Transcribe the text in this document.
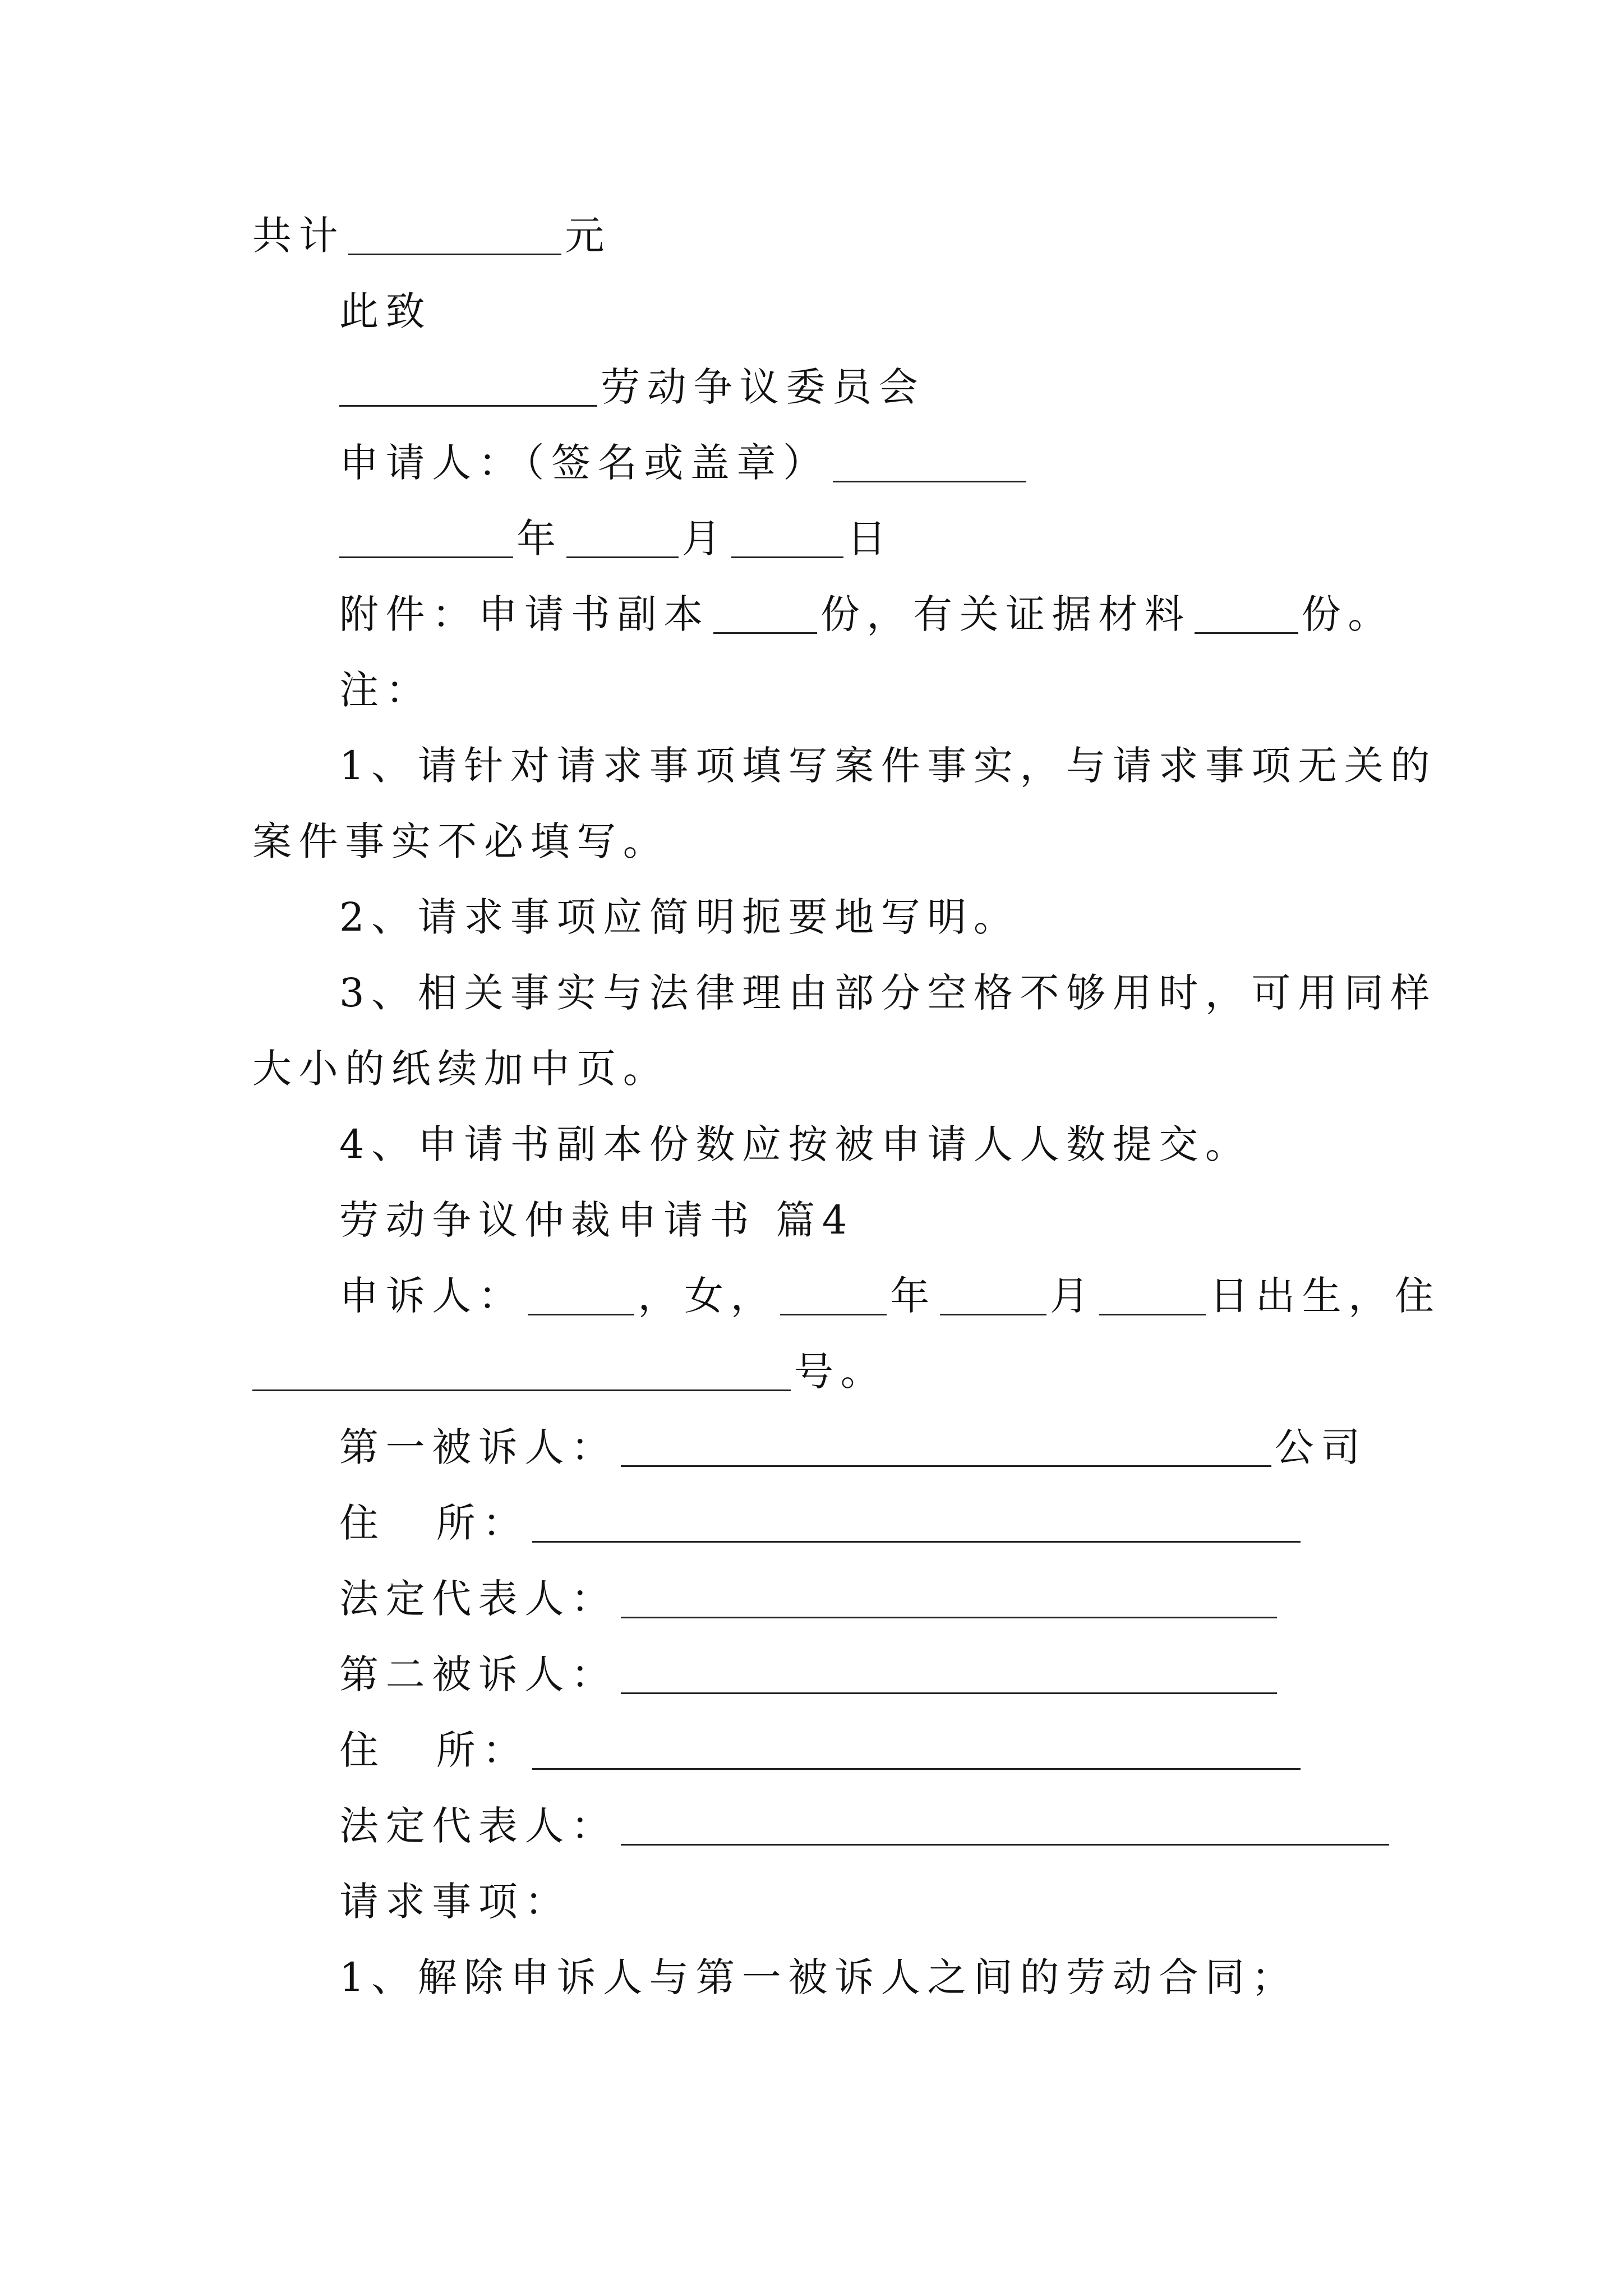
共计	元
此致
劳动争议委员会
申请人：（签名或盖章）
年	月	日
附件：申请书副本	份，有关证据材料	份。
注：
1、请针对请求事项填写案件事实，与请求事项无关的
案件事实不必填写。
2、请求事项应简明扼要地写明。
3、相关事实与法律理由部分空格不够用时，可用同样
大小的纸续加中页。
4、申请书副本份数应按被申请人人数提交。
劳动争议仲裁申请书 篇4
申诉人：	，女，	年	月	日出生，住
号。
第一被诉人：	公司
住 所：
法定代表人：
第二被诉人：
住 所：
法定代表人：
请求事项：
1、解除申诉人与第一被诉人之间的劳动合同；
